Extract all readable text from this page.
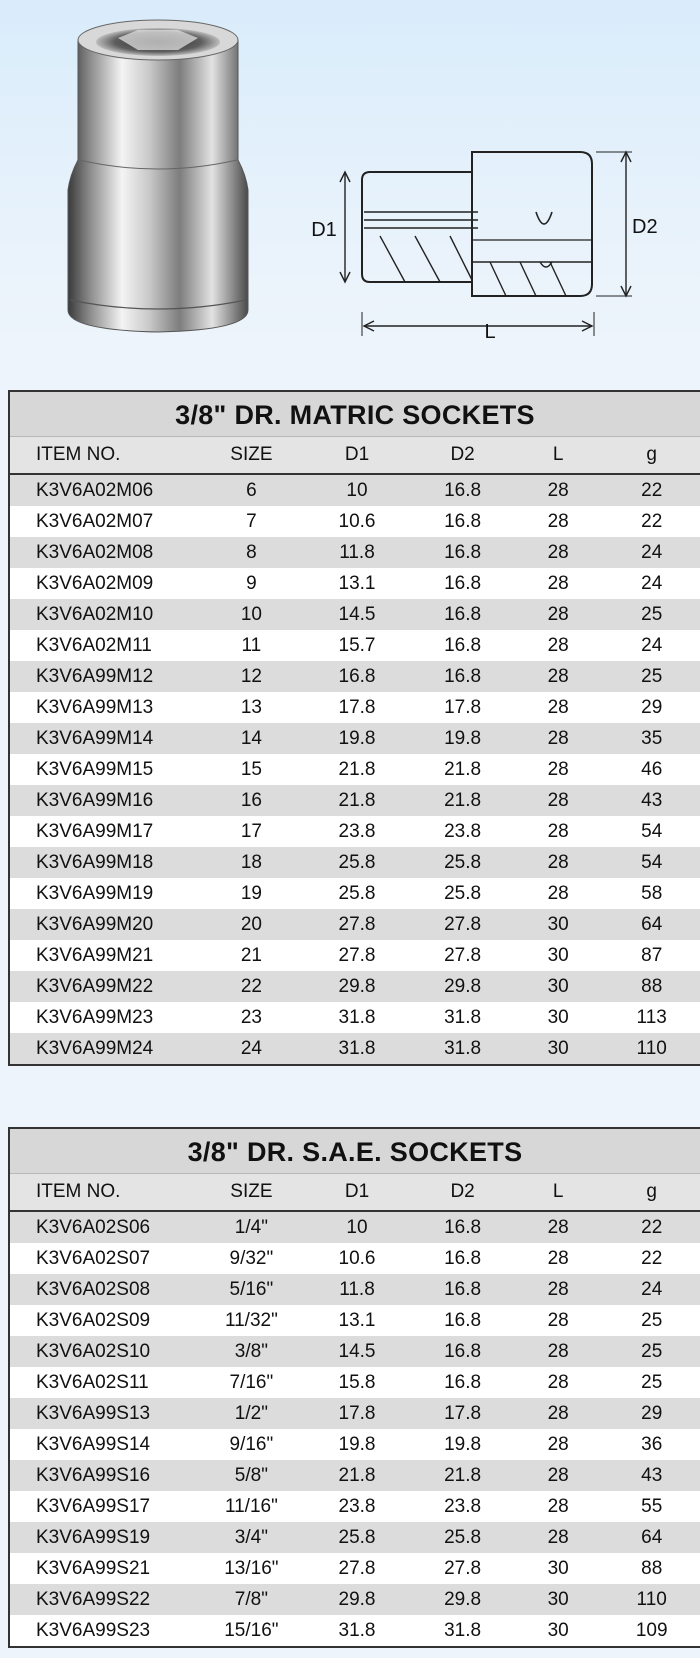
D1	D2
L
3/8" DR. MATRIC SOCKETS
ITEM NO.	SIZE	D1	D2	L	g
K3V6A02M06	6	10	16.8	28	22
K3V6A02M07	7	10.6	16.8	28	22
K3V6A02M08	8	11.8	16.8	28	24
K3V6A02M09	9	13.1	16.8	28	24
K3V6A02M10	10	14.5	16.8	28	25
K3V6A02M11	11	15.7	16.8	28	24
K3V6A99M12	12	16.8	16.8	28	25
K3V6A99M13	13	17.8	17.8	28	29
K3V6A99M14	14	19.8	19.8	28	35
K3V6A99M15	15	21.8	21.8	28	46
K3V6A99M16	16	21.8	21.8	28	43
K3V6A99M17	17	23.8	23.8	28	54
K3V6A99M18	18	25.8	25.8	28	54
K3V6A99M19	19	25.8	25.8	28	58
K3V6A99M20	20	27.8	27.8	30	64
K3V6A99M21	21	27.8	27.8	30	87
K3V6A99M22	22	29.8	29.8	30	88
K3V6A99M23	23	31.8	31.8	30	113
K3V6A99M24	24	31.8	31.8	30	110
3/8" DR. S.A.E. SOCKETS
ITEM NO.	SIZE	D1	D2	L	g
K3V6A02S06	1/4"	10	16.8	28	22
K3V6A02S07	9/32"	10.6	16.8	28	22
K3V6A02S08	5/16"	11.8	16.8	28	24
K3V6A02S09	11/32"	13.1	16.8	28	25
K3V6A02S10	3/8"	14.5	16.8	28	25
K3V6A02S11	7/16"	15.8	16.8	28	25
K3V6A99S13	1/2"	17.8	17.8	28	29
K3V6A99S14	9/16"	19.8	19.8	28	36
K3V6A99S16	5/8"	21.8	21.8	28	43
K3V6A99S17	11/16"	23.8	23.8	28	55
K3V6A99S19	3/4"	25.8	25.8	28	64
K3V6A99S21	13/16"	27.8	27.8	30	88
K3V6A99S22	7/8"	29.8	29.8	30	110
K3V6A99S23	15/16"	31.8	31.8	30	109
